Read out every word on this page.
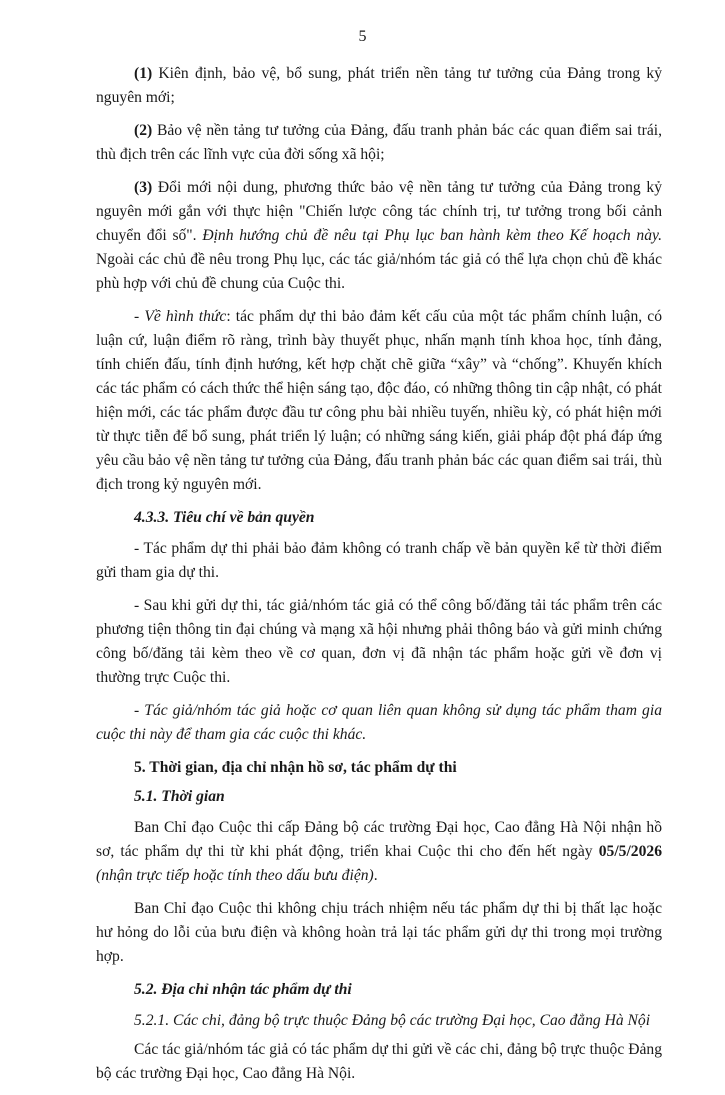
5

(1) Kiên định, bảo vệ, bổ sung, phát triển nền tảng tư tưởng của Đảng trong kỷ nguyên mới;

(2) Bảo vệ nền tảng tư tưởng của Đảng, đấu tranh phản bác các quan điểm sai trái, thù địch trên các lĩnh vực của đời sống xã hội;

(3) Đổi mới nội dung, phương thức bảo vệ nền tảng tư tưởng của Đảng trong kỷ nguyên mới gắn với thực hiện "Chiến lược công tác chính trị, tư tưởng trong bối cảnh chuyển đổi số". Định hướng chủ đề nêu tại Phụ lục ban hành kèm theo Kế hoạch này. Ngoài các chủ đề nêu trong Phụ lục, các tác giả/nhóm tác giả có thể lựa chọn chủ đề khác phù hợp với chủ đề chung của Cuộc thi.

- Về hình thức: tác phẩm dự thi bảo đảm kết cấu của một tác phẩm chính luận, có luận cứ, luận điểm rõ ràng, trình bày thuyết phục, nhấn mạnh tính khoa học, tính đảng, tính chiến đấu, tính định hướng, kết hợp chặt chẽ giữa “xây” và “chống”. Khuyến khích các tác phẩm có cách thức thể hiện sáng tạo, độc đáo, có những thông tin cập nhật, có phát hiện mới, các tác phẩm được đầu tư công phu bài nhiều tuyến, nhiều kỳ, có phát hiện mới từ thực tiễn để bổ sung, phát triển lý luận; có những sáng kiến, giải pháp đột phá đáp ứng yêu cầu bảo vệ nền tảng tư tưởng của Đảng, đấu tranh phản bác các quan điểm sai trái, thù địch trong kỷ nguyên mới.

4.3.3. Tiêu chí về bản quyền

- Tác phẩm dự thi phải bảo đảm không có tranh chấp về bản quyền kể từ thời điểm gửi tham gia dự thi.

- Sau khi gửi dự thi, tác giả/nhóm tác giả có thể công bố/đăng tải tác phẩm trên các phương tiện thông tin đại chúng và mạng xã hội nhưng phải thông báo và gửi minh chứng công bố/đăng tải kèm theo về cơ quan, đơn vị đã nhận tác phẩm hoặc gửi về đơn vị thường trực Cuộc thi.

- Tác giả/nhóm tác giả hoặc cơ quan liên quan không sử dụng tác phẩm tham gia cuộc thi này để tham gia các cuộc thi khác.

5. Thời gian, địa chỉ nhận hồ sơ, tác phẩm dự thi
5.1. Thời gian

Ban Chỉ đạo Cuộc thi cấp Đảng bộ các trường Đại học, Cao đẳng Hà Nội nhận hồ sơ, tác phẩm dự thi từ khi phát động, triển khai Cuộc thi cho đến hết ngày 05/5/2026 (nhận trực tiếp hoặc tính theo dấu bưu điện).

Ban Chỉ đạo Cuộc thi không chịu trách nhiệm nếu tác phẩm dự thi bị thất lạc hoặc hư hỏng do lỗi của bưu điện và không hoàn trả lại tác phẩm gửi dự thi trong mọi trường hợp.

5.2. Địa chỉ nhận tác phẩm dự thi

5.2.1. Các chi, đảng bộ trực thuộc Đảng bộ các trường Đại học, Cao đẳng Hà Nội

Các tác giả/nhóm tác giả có tác phẩm dự thi gửi về các chi, đảng bộ trực thuộc Đảng bộ các trường Đại học, Cao đẳng Hà Nội.
